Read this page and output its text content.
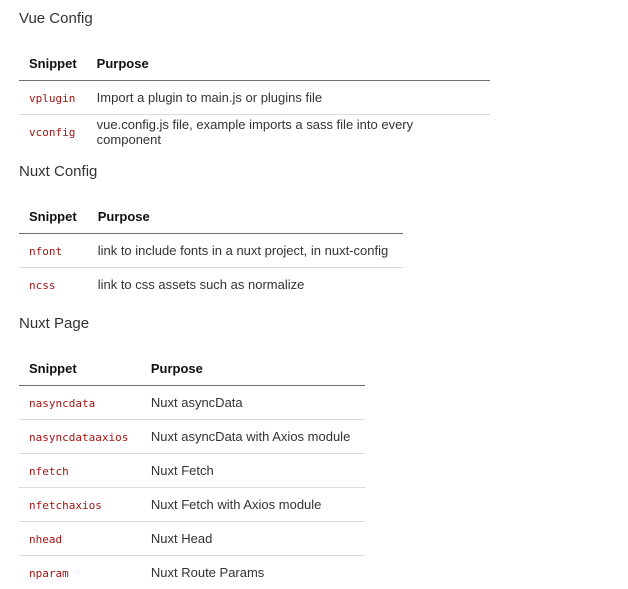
Vue Config
Snippet	Purpose
vplugin	Import a plugin to main.js or plugins file
vconfig	vue.config.js file, example imports a sass file into every component
Nuxt Config
Snippet	Purpose
nfont	link to include fonts in a nuxt project, in nuxt-config
ncss	link to css assets such as normalize
Nuxt Page
Snippet	Purpose
nasyncdata	Nuxt asyncData
nasyncdataaxios	Nuxt asyncData with Axios module
nfetch	Nuxt Fetch
nfetchaxios	Nuxt Fetch with Axios module
nhead	Nuxt Head
nparam	Nuxt Route Params
